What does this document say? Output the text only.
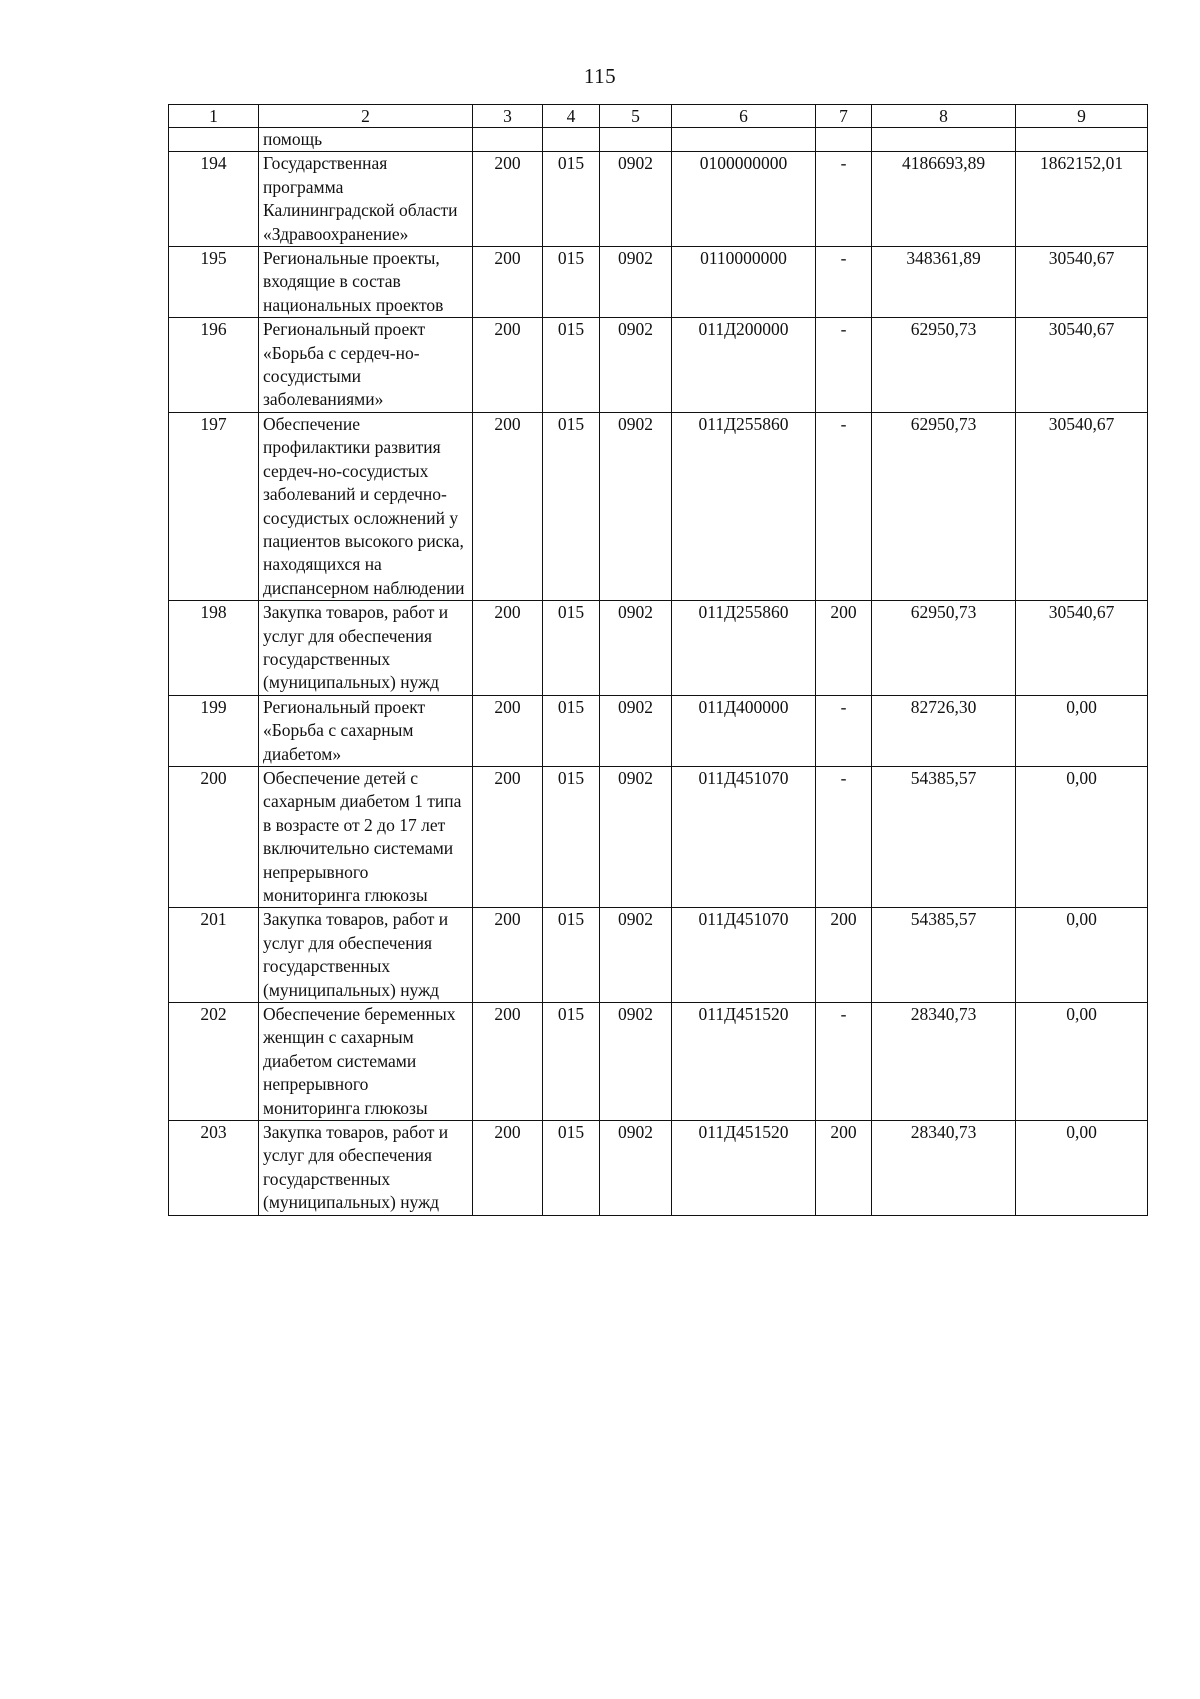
115
1	2	3	4	5	6	7	8	9
	помощь							
194	Государственная программа Калининградской области «Здравоохранение»	200	015	0902	0100000000	-	4186693,89	1862152,01
195	Региональные проекты, входящие в состав национальных проектов	200	015	0902	0110000000	-	348361,89	30540,67
196	Региональный проект «Борьба с сердеч-но-сосудистыми заболеваниями»	200	015	0902	011Д200000	-	62950,73	30540,67
197	Обеспечение профилактики развития сердеч-но-сосудистых заболеваний и сердечно-сосудистых осложнений у пациентов высокого риска, находящихся на диспансерном наблюдении	200	015	0902	011Д255860	-	62950,73	30540,67
198	Закупка товаров, работ и услуг для обеспечения государственных (муниципальных) нужд	200	015	0902	011Д255860	200	62950,73	30540,67
199	Региональный проект «Борьба с сахарным диабетом»	200	015	0902	011Д400000	-	82726,30	0,00
200	Обеспечение детей с сахарным диабетом 1 типа в возрасте от 2 до 17 лет включительно системами непрерывного мониторинга глюкозы	200	015	0902	011Д451070	-	54385,57	0,00
201	Закупка товаров, работ и услуг для обеспечения государственных (муниципальных) нужд	200	015	0902	011Д451070	200	54385,57	0,00
202	Обеспечение беременных женщин с сахарным диабетом системами непрерывного мониторинга глюкозы	200	015	0902	011Д451520	-	28340,73	0,00
203	Закупка товаров, работ и услуг для обеспечения государственных (муниципальных) нужд	200	015	0902	011Д451520	200	28340,73	0,00
